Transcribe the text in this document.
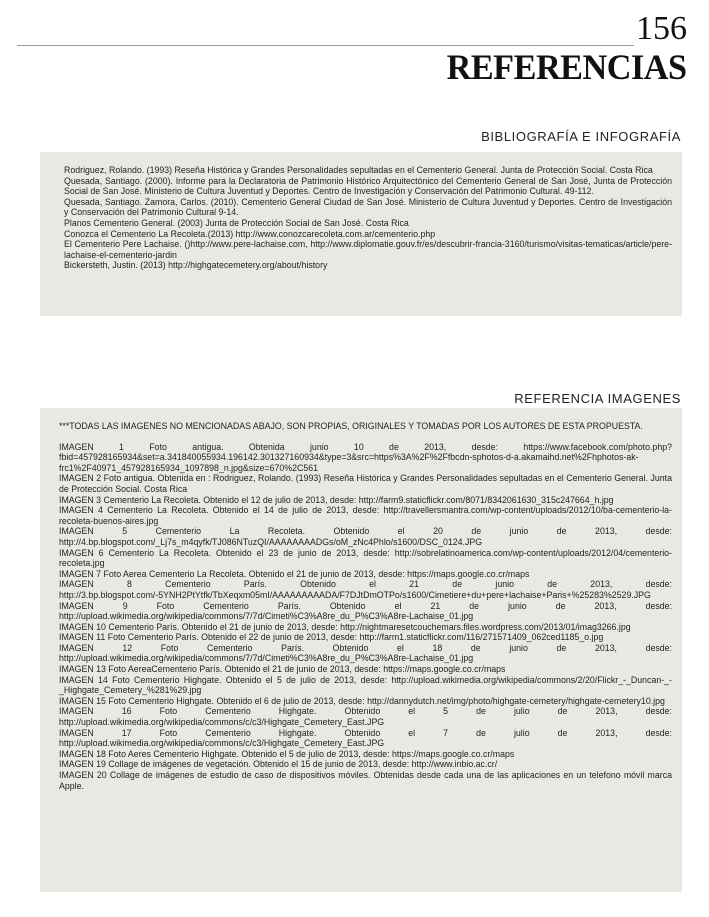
156
REFERENCIAS
BIBLIOGRAFÍA E INFOGRAFÍA

Rodriguez, Rolando. (1993) Reseña Histórica y Grandes Personalidades sepultadas en el Cementerio General. Junta de Protección Social. Costa Rica

Quesada, Santiago. (2000). Informe para la Declaratoria de Patrimonio Histórico Arquitectónico del Cementerio General de San José, Junta de Protección Social de San José. Ministerio de Cultura Juventud y Deportes. Centro de Investigación y Conservación del Patrimonio Cultural. 49-112.

Quesada, Santiago. Zamora, Carlos. (2010). Cementerio General Ciudad de San José. Ministerio de Cultura Juventud y Deportes. Centro de Investigación y Conservación del Patrimonio Cultural 9-14.

Planos Cementerio General. (2003) Junta de Protección Social de San José. Costa Rica

Conozca el Cementerio La Recoleta.(2013) http://www.conozcarecoleta.com.ar/cementerio.php

El Cementerio Pere Lachaise. ()http://www.pere-lachaise.com, http://www.diplomatie.gouv.fr/es/descubrir-francia-3160/turismo/visitas-tematicas/article/pere-lachaise-el-cementerio-jardin

Bickersteth, Justin. (2013) http://highgatecemetery.org/about/history

REFERENCIA IMAGENES

***TODAS LAS IMAGENES NO MENCIONADAS ABAJO, SON PROPIAS, ORIGINALES Y TOMADAS POR LOS AUTORES DE ESTA PROPUESTA.

IMAGEN 1 Foto antigua. Obtenida junio 10 de 2013, desde: https://www.facebook.com/photo.php?fbid=457928165934&set=a.341840055934.196142.301327160934&type=3&src=https%3A%2F%2Ffbcdn-sphotos-d-a.akamaihd.net%2Fhphotos-ak-frc1%2F40971_457928165934_1097898_n.jpg&size=670%2C561

IMAGEN 2 Foto antigua. Obtenida en : Rodriguez, Rolando. (1993) Reseña Histórica y Grandes Personalidades sepultadas en el Cementerio General. Junta de Protección Social. Costa Rica

IMAGEN 3 Cementerio La Recoleta. Obtenido el 12 de julio de 2013, desde: http://farm9.staticflickr.com/8071/8342061630_315c247664_h.jpg

IMAGEN 4 Cementerio La Recoleta. Obtenido el 14 de julio de 2013, desde: http://travellersmantra.com/wp-content/uploads/2012/10/ba-cementerio-la-recoleta-buenos-aires.jpg

IMAGEN 5 Cementerio La Recoleta. Obtenido el 20 de junio de 2013, desde: http://4.bp.blogspot.com/_Lj7s_m4qyfk/TJ086NTuzQI/AAAAAAAADGs/oM_zNc4Phlo/s1600/DSC_0124.JPG

IMAGEN 6 Cementerio La Recoleta. Obtenido el 23 de junio de 2013, desde: http://sobrelatinoamerica.com/wp-content/uploads/2012/04/cementerio-recoleta.jpg

IMAGEN 7 Foto Aerea Cementerio La Recoleta. Obtenido el 21 de junio de 2013, desde: https://maps.google.co.cr/maps

IMAGEN 8 Cementerio París. Obtenido el 21 de junio de 2013, desde: http://3.bp.blogspot.com/-5YNH2PtYtfk/TbXeqxm05mI/AAAAAAAAADA/F7DJtDmOTPo/s1600/Cimetiere+du+pere+lachaise+Paris+%25283%2529.JPG

IMAGEN 9 Foto Cementerio París. Obtenido el 21 de junio de 2013, desde: http://upload.wikimedia.org/wikipedia/commons/7/7d/Cimeti%C3%A8re_du_P%C3%A8re-Lachaise_01.jpg

IMAGEN 10 Cementerio París. Obtenido el 21 de junio de 2013, desde: http://nightmaresetcouchemars.files.wordpress.com/2013/01/imag3266.jpg

IMAGEN 11 Foto Cementerio París. Obtenido el 22 de junio de 2013, desde: http://farm1.staticflickr.com/116/271571409_062ced1185_o.jpg

IMAGEN 12 Foto Cementerio París. Obtenido el 18 de junio de 2013, desde: http://upload.wikimedia.org/wikipedia/commons/7/7d/Cimeti%C3%A8re_du_P%C3%A8re-Lachaise_01.jpg

IMAGEN 13 Foto AereaCementerio París. Obtenido el 21 de junio de 2013, desde: https://maps.google.co.cr/maps

IMAGEN 14 Foto Cementerio Highgate. Obtenido el 5 de julio de 2013, desde: http://upload.wikimedia.org/wikipedia/commons/2/20/Flickr_-_Duncan-_-_Highgate_Cemetery_%281%29.jpg

IMAGEN 15 Foto Cementerio Highgate. Obtenido el 6 de julio de 2013, desde: http://dannydutch.net/img/photo/highgate-cemetery/highgate-cemetery10.jpg

IMAGEN 16 Foto Cementerio Highgate. Obtenido el 5 de julio de 2013, desde: http://upload.wikimedia.org/wikipedia/commons/c/c3/Highgate_Cemetery_East.JPG

IMAGEN 17 Foto Cementerio Highgate. Obtenido el 7 de julio de 2013, desde: http://upload.wikimedia.org/wikipedia/commons/c/c3/Highgate_Cemetery_East.JPG

IMAGEN 18 Foto Aeres Cementerio Highgate. Obtenido el 5 de julio de 2013, desde: https://maps.google.co.cr/maps

IMAGEN 19 Collage de imágenes de vegetación. Obtenido el 15 de junio de 2013, desde: http://www.inbio.ac.cr/

IMAGEN 20 Collage de imágenes de estudio de caso de dispositivos móviles. Obtenidas desde cada una de las aplicaciones en un telefono móvil marca Apple.
